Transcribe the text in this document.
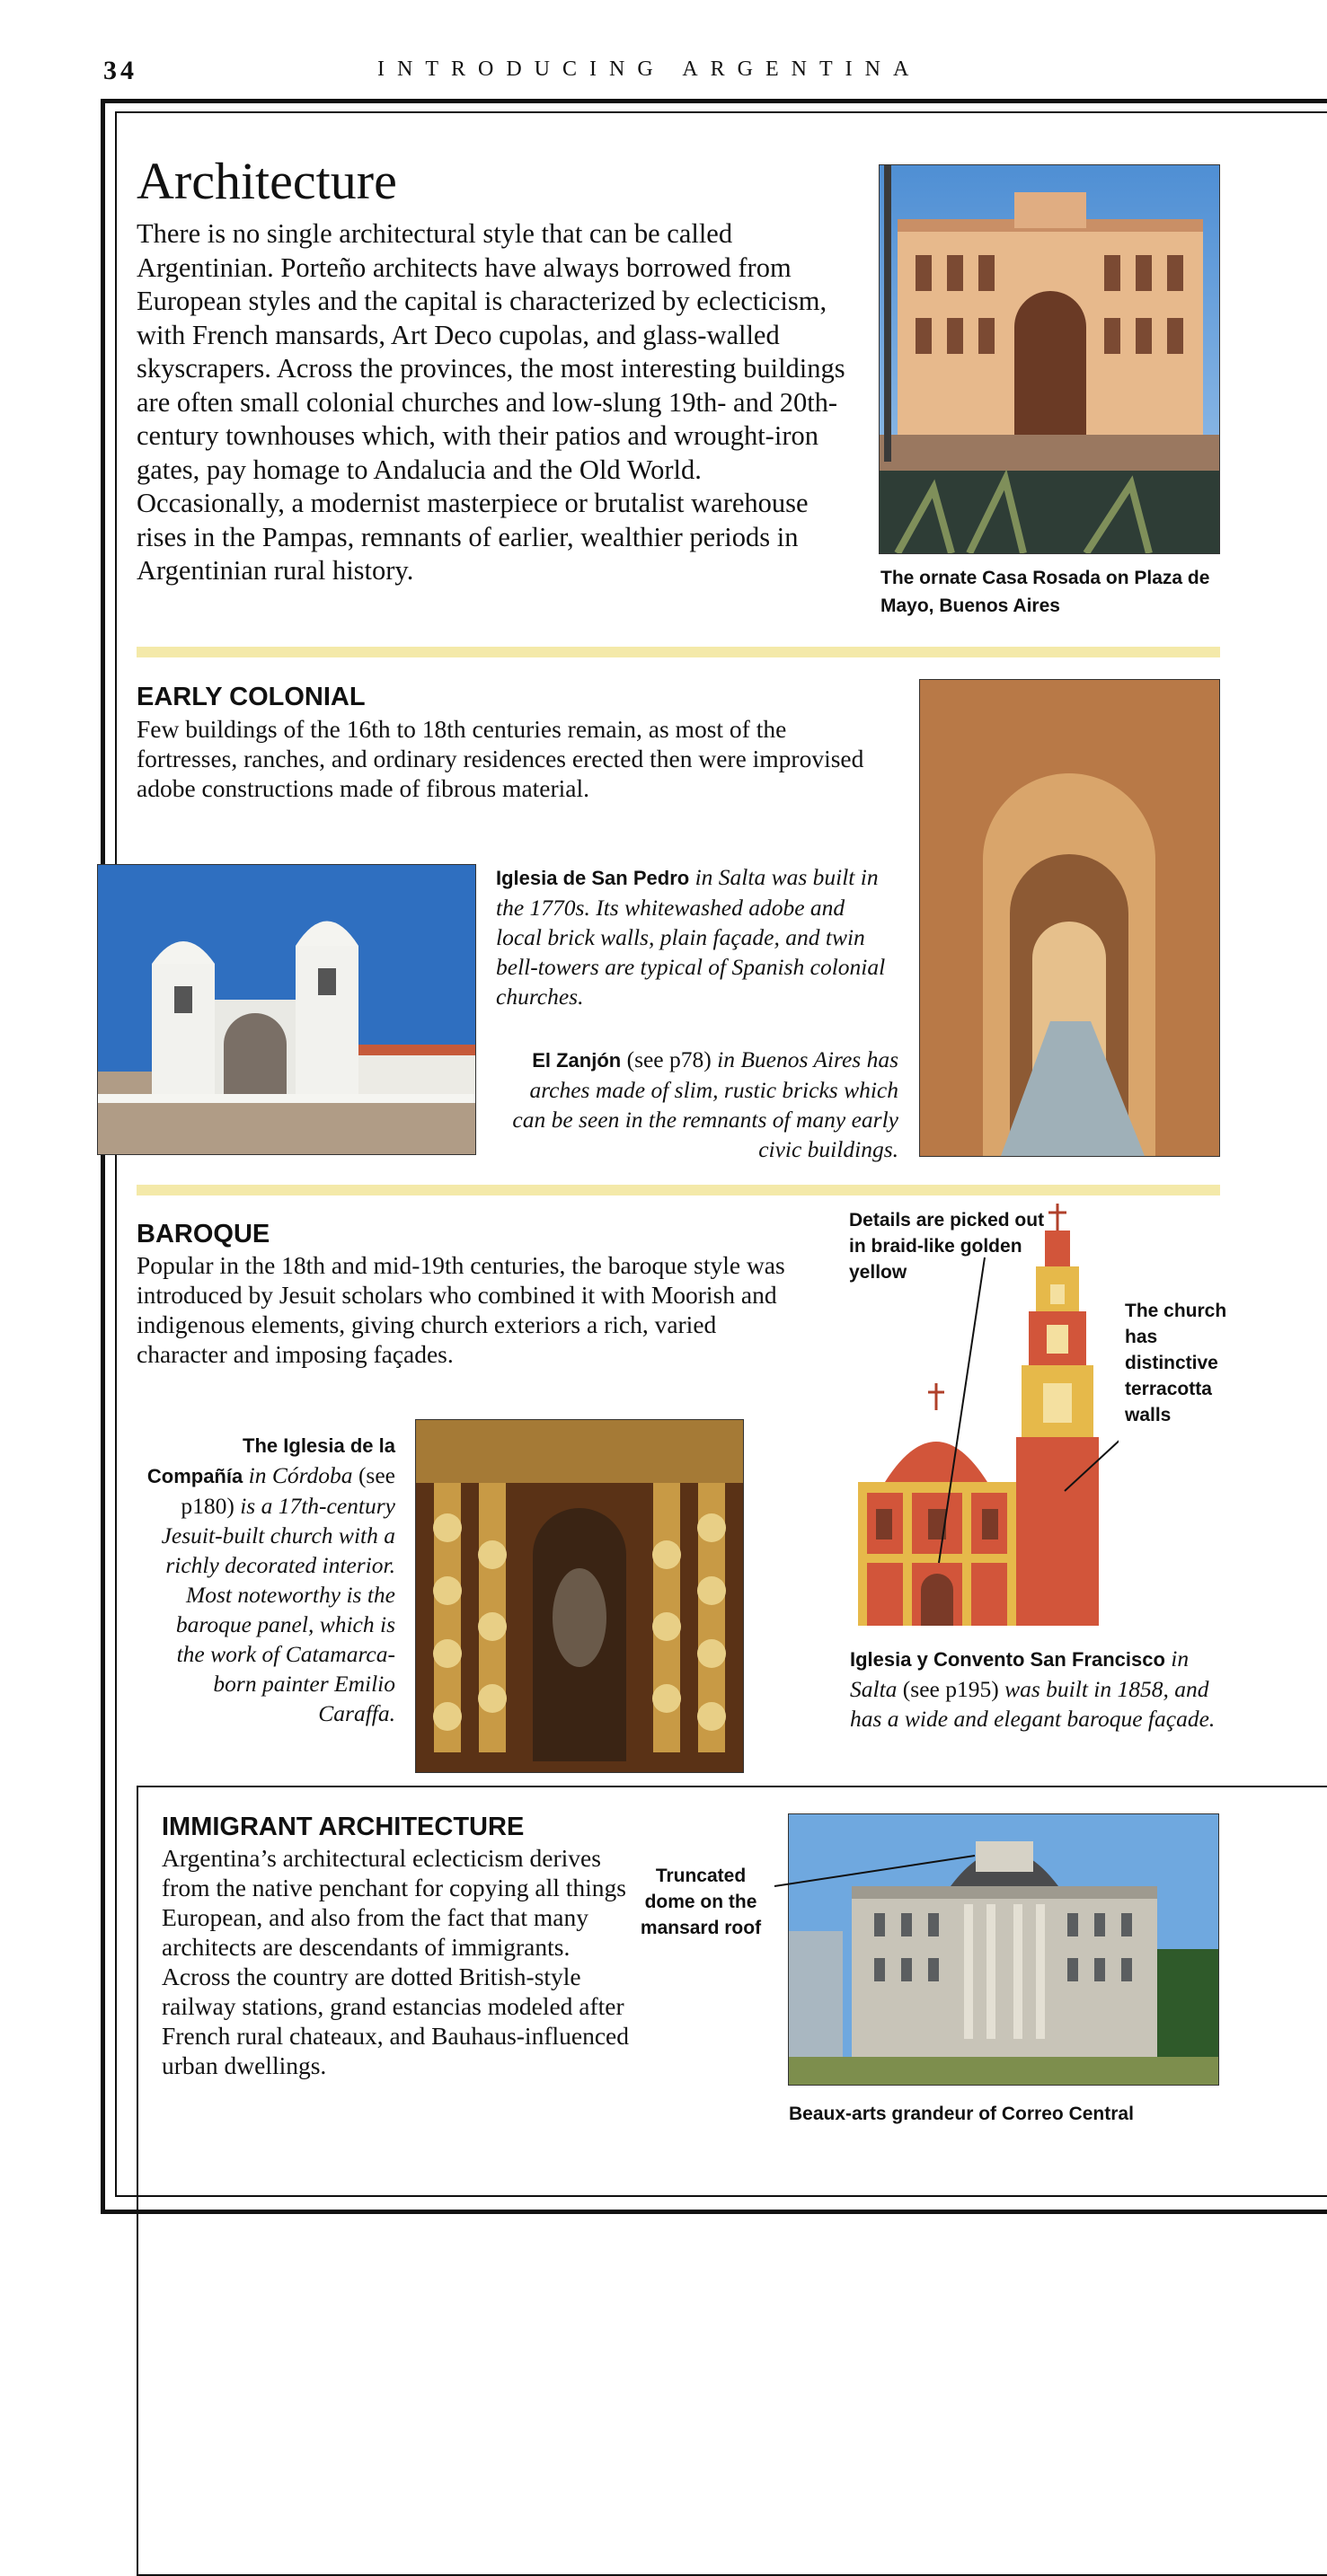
34	INTRODUCING ARGENTINA
Architecture
There is no single architectural style that can be called Argentinian. Porteño architects have always borrowed from European styles and the capital is characterized by eclecticism, with French mansards, Art Deco cupolas, and glass-walled skyscrapers. Across the provinces, the most interesting buildings are often small colonial churches and low-slung 19th- and 20th-century townhouses which, with their patios and wrought-iron gates, pay homage to Andalucia and the Old World. Occasionally, a modernist masterpiece or brutalist warehouse rises in the Pampas, remnants of earlier, wealthier periods in Argentinian rural history.	The ornate Casa Rosada on Plaza de Mayo, Buenos Aires
EARLY COLONIAL
Few buildings of the 16th to 18th centuries remain, as most of the fortresses, ranches, and ordinary residences erected then were improvised adobe constructions made of fibrous material.
Iglesia de San Pedro in Salta was built in the 1770s. Its whitewashed adobe and local brick walls, plain façade, and twin bell-towers are typical of Spanish colonial churches.
El Zanjón (see p78) in Buenos Aires has arches made of slim, rustic bricks which can be seen in the remnants of many early civic buildings.
BAROQUE
Popular in the 18th and mid-19th centuries, the baroque style was introduced by Jesuit scholars who combined it with Moorish and indigenous elements, giving church exteriors a rich, varied character and imposing façades.
The Iglesia de la Compañía in Córdoba (see p180) is a 17th-century Jesuit-built church with a richly decorated interior. Most noteworthy is the baroque panel, which is the work of Catamarca-born painter Emilio Caraffa.
Details are picked out in braid-like golden yellow
The church has distinctive terracotta walls
Iglesia y Convento San Francisco in Salta (see p195) was built in 1858, and has a wide and elegant baroque façade.
IMMIGRANT ARCHITECTURE
Argentina’s architectural eclecticism derives from the native penchant for copying all things European, and also from the fact that many architects are descendants of immigrants. Across the country are dotted British-style railway stations, grand estancias modeled after French rural chateaux, and Bauhaus-influenced urban dwellings.
Truncated dome on the mansard roof
Beaux-arts grandeur of Correo Central
